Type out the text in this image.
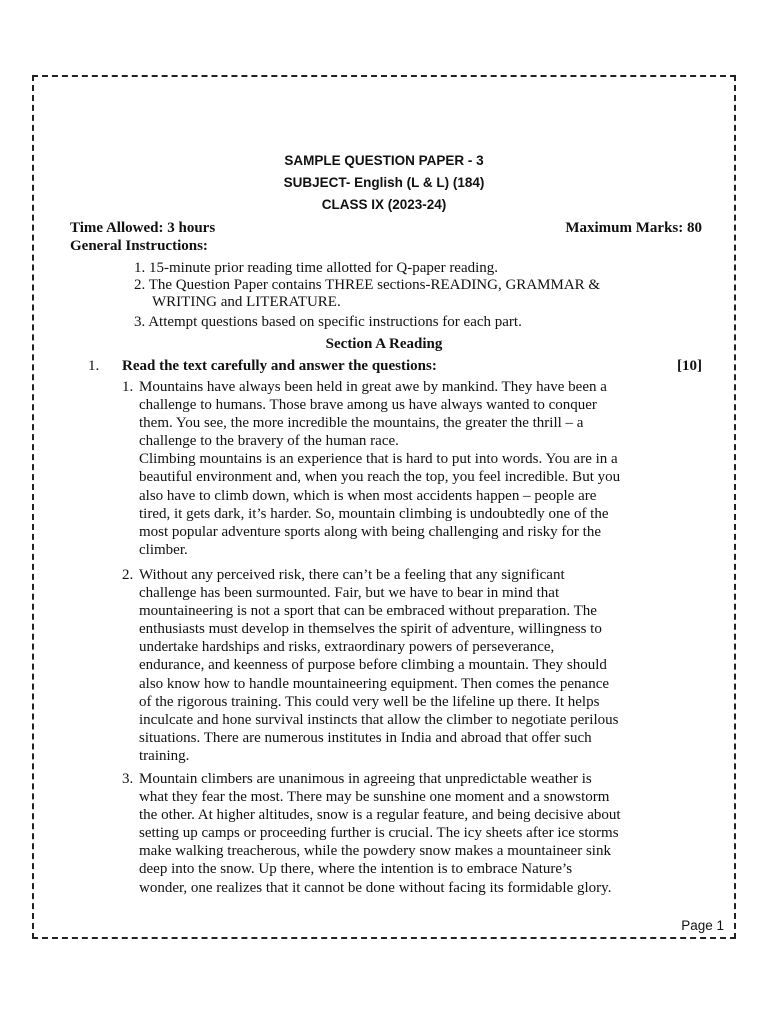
SAMPLE QUESTION PAPER - 3
SUBJECT- English (L & L) (184)
CLASS IX (2023-24)
Time Allowed: 3 hours	Maximum Marks: 80
General Instructions:
1. 15-minute prior reading time allotted for Q-paper reading.
2. The Question Paper contains THREE sections-READING, GRAMMAR &
WRITING and LITERATURE.
3. Attempt questions based on specific instructions for each part.
Section A Reading
1. Read the text carefully and answer the questions:	[10]
1. Mountains have always been held in great awe by mankind. They have been a
challenge to humans. Those brave among us have always wanted to conquer
them. You see, the more incredible the mountains, the greater the thrill – a
challenge to the bravery of the human race.
Climbing mountains is an experience that is hard to put into words. You are in a
beautiful environment and, when you reach the top, you feel incredible. But you
also have to climb down, which is when most accidents happen – people are
tired, it gets dark, it’s harder. So, mountain climbing is undoubtedly one of the
most popular adventure sports along with being challenging and risky for the
climber.
2. Without any perceived risk, there can’t be a feeling that any significant
challenge has been surmounted. Fair, but we have to bear in mind that
mountaineering is not a sport that can be embraced without preparation. The
enthusiasts must develop in themselves the spirit of adventure, willingness to
undertake hardships and risks, extraordinary powers of perseverance,
endurance, and keenness of purpose before climbing a mountain. They should
also know how to handle mountaineering equipment. Then comes the penance
of the rigorous training. This could very well be the lifeline up there. It helps
inculcate and hone survival instincts that allow the climber to negotiate perilous
situations. There are numerous institutes in India and abroad that offer such
training.
3. Mountain climbers are unanimous in agreeing that unpredictable weather is
what they fear the most. There may be sunshine one moment and a snowstorm
the other. At higher altitudes, snow is a regular feature, and being decisive about
setting up camps or proceeding further is crucial. The icy sheets after ice storms
make walking treacherous, while the powdery snow makes a mountaineer sink
deep into the snow. Up there, where the intention is to embrace Nature’s
wonder, one realizes that it cannot be done without facing its formidable glory.
Page 1
